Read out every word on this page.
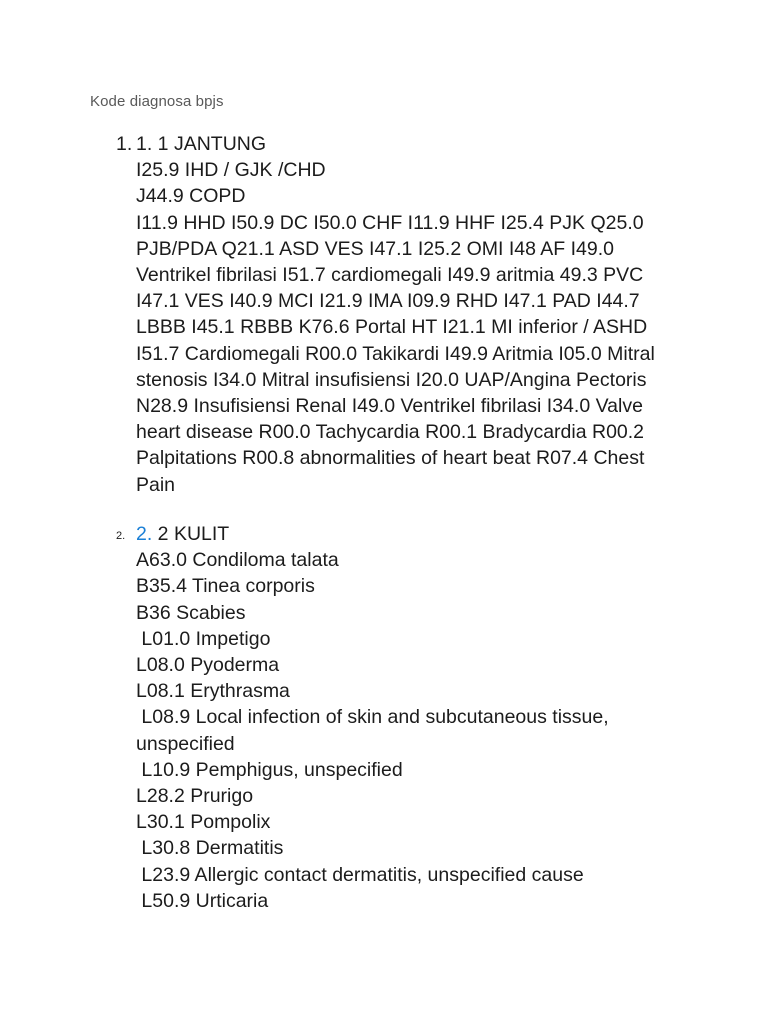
Kode diagnosa bpjs
1. 1. 1 JANTUNG
I25.9 IHD / GJK /CHD
J44.9 COPD
I11.9 HHD I50.9 DC I50.0 CHF I11.9 HHF I25.4 PJK Q25.0 PJB/PDA Q21.1 ASD VES I47.1 I25.2 OMI I48 AF I49.0 Ventrikel fibrilasi I51.7 cardiomegali I49.9 aritmia 49.3 PVC I47.1 VES I40.9 MCI I21.9 IMA I09.9 RHD I47.1 PAD I44.7 LBBB I45.1 RBBB K76.6 Portal HT I21.1 MI inferior / ASHD I51.7 Cardiomegali R00.0 Takikardi I49.9 Aritmia I05.0 Mitral stenosis I34.0 Mitral insufisiensi I20.0 UAP/Angina Pectoris N28.9 Insufisiensi Renal I49.0 Ventrikel fibrilasi I34.0 Valve heart disease R00.0 Tachycardia R00.1 Bradycardia R00.2 Palpitations R00.8 abnormalities of heart beat R07.4 Chest Pain
2. 2. 2 KULIT
A63.0 Condiloma talata
B35.4 Tinea corporis
B36 Scabies
L01.0 Impetigo
L08.0 Pyoderma
L08.1 Erythrasma
L08.9 Local infection of skin and subcutaneous tissue, unspecified
L10.9 Pemphigus, unspecified
L28.2 Prurigo
L30.1 Pompolix
L30.8 Dermatitis
L23.9 Allergic contact dermatitis, unspecified cause
L50.9 Urticaria
